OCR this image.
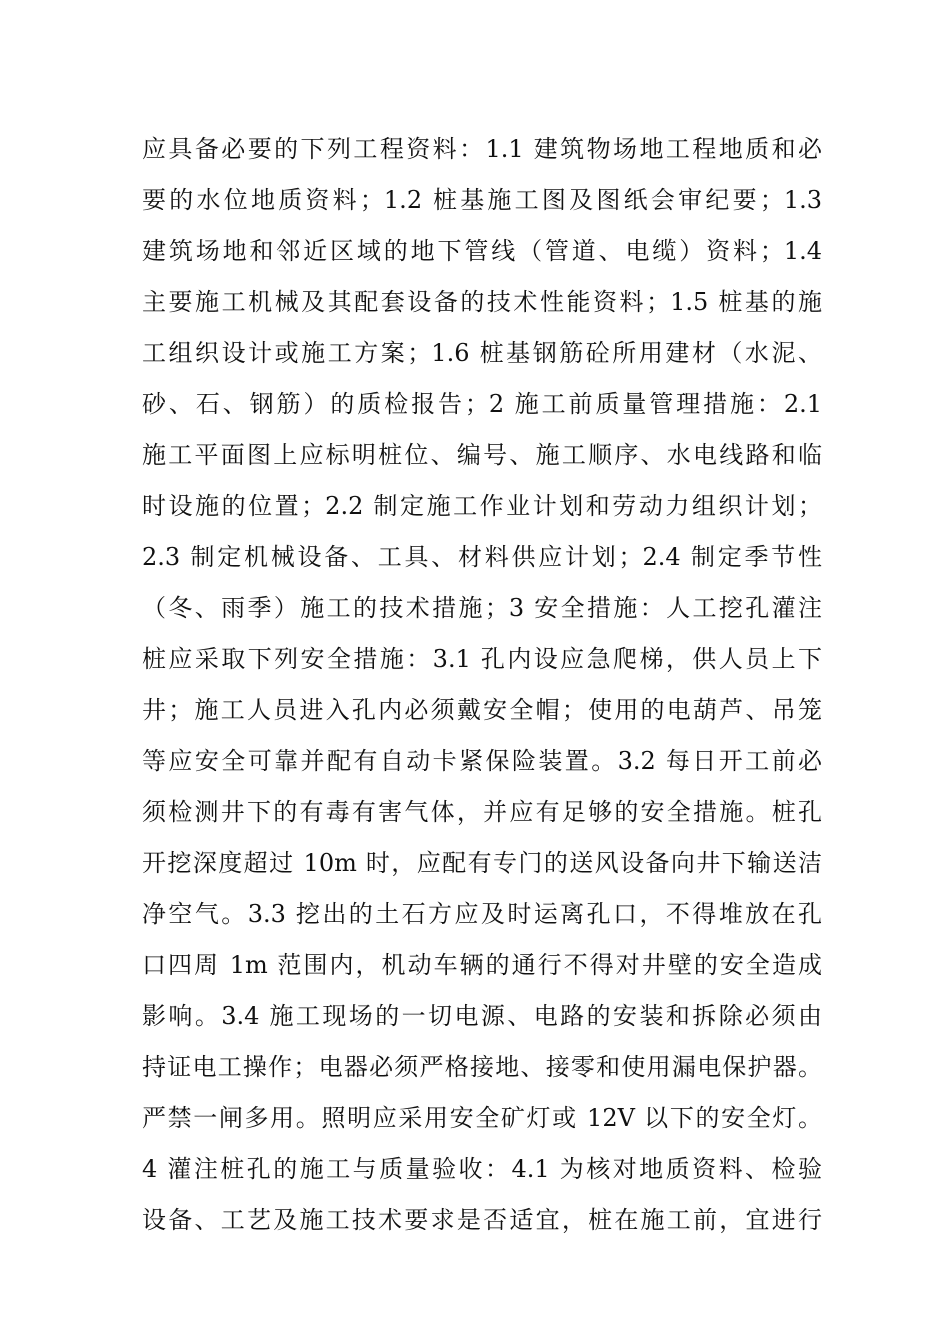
应具备必要的下列工程资料：1.1 建筑物场地工程地质和必
要的水位地质资料；1.2 桩基施工图及图纸会审纪要；1.3
建筑场地和邻近区域的地下管线（管道、电缆）资料；1.4
主要施工机械及其配套设备的技术性能资料；1.5 桩基的施
工组织设计或施工方案；1.6 桩基钢筋砼所用建材（水泥、
砂、石、钢筋）的质检报告；2 施工前质量管理措施：2.1
施工平面图上应标明桩位、编号、施工顺序、水电线路和临
时设施的位置；2.2 制定施工作业计划和劳动力组织计划；
2.3 制定机械设备、工具、材料供应计划；2.4 制定季节性
（冬、雨季）施工的技术措施；3 安全措施：人工挖孔灌注
桩应采取下列安全措施：3.1 孔内设应急爬梯，供人员上下
井；施工人员进入孔内必须戴安全帽；使用的电葫芦、吊笼
等应安全可靠并配有自动卡紧保险装置。3.2 每日开工前必
须检测井下的有毒有害气体，并应有足够的安全措施。桩孔
开挖深度超过 10m 时，应配有专门的送风设备向井下输送洁
净空气。3.3 挖出的土石方应及时运离孔口，不得堆放在孔
口四周 1m 范围内，机动车辆的通行不得对井壁的安全造成
影响。3.4 施工现场的一切电源、电路的安装和拆除必须由
持证电工操作；电器必须严格接地、接零和使用漏电保护器。
严禁一闸多用。照明应采用安全矿灯或 12V 以下的安全灯。
4 灌注桩孔的施工与质量验收：4.1 为核对地质资料、检验
设备、工艺及施工技术要求是否适宜，桩在施工前，宜进行
